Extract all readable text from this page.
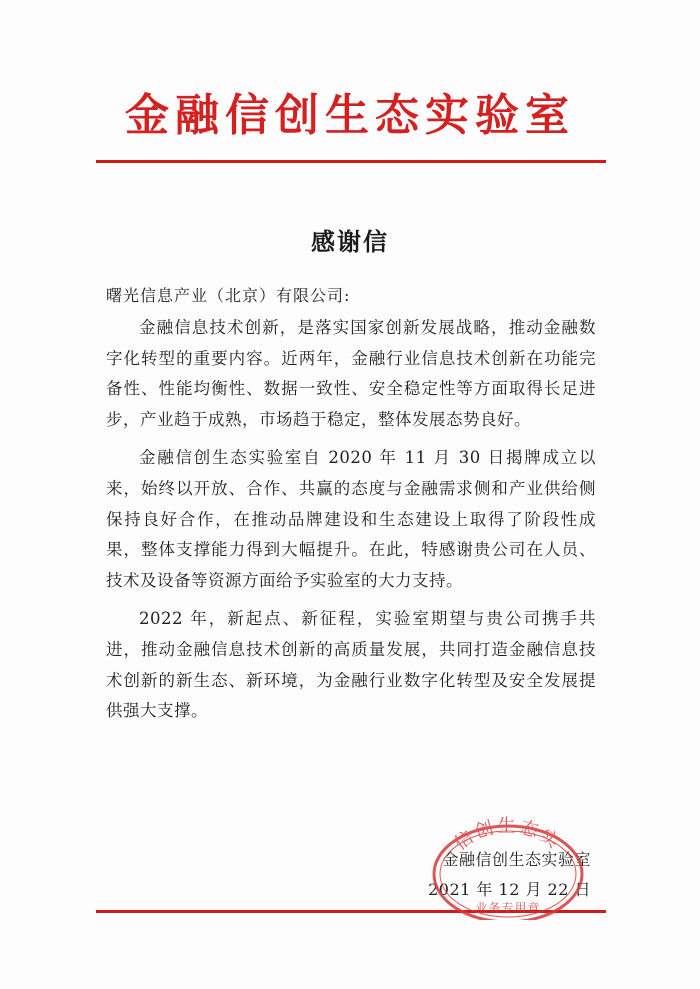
金融信创生态实验室
感谢信
曙光信息产业（北京）有限公司:

金融信息技术创新，是落实国家创新发展战略，推动金融数字化转型的重要内容。近两年，金融行业信息技术创新在功能完备性、性能均衡性、数据一致性、安全稳定性等方面取得长足进步，产业趋于成熟，市场趋于稳定，整体发展态势良好。

金融信创生态实验室自 2020 年 11 月 30 日揭牌成立以来，始终以开放、合作、共赢的态度与金融需求侧和产业供给侧保持良好合作，在推动品牌建设和生态建设上取得了阶段性成果，整体支撑能力得到大幅提升。在此，特感谢贵公司在人员、技术及设备等资源方面给予实验室的大力支持。

2022 年，新起点、新征程，实验室期望与贵公司携手共进，推动金融信息技术创新的高质量发展，共同打造金融信息技术创新的新生态、新环境，为金融行业数字化转型及安全发展提供强大支撑。

金融信创生态实验室
2021 年 12 月 22 日
信创生态实
业务专用章
